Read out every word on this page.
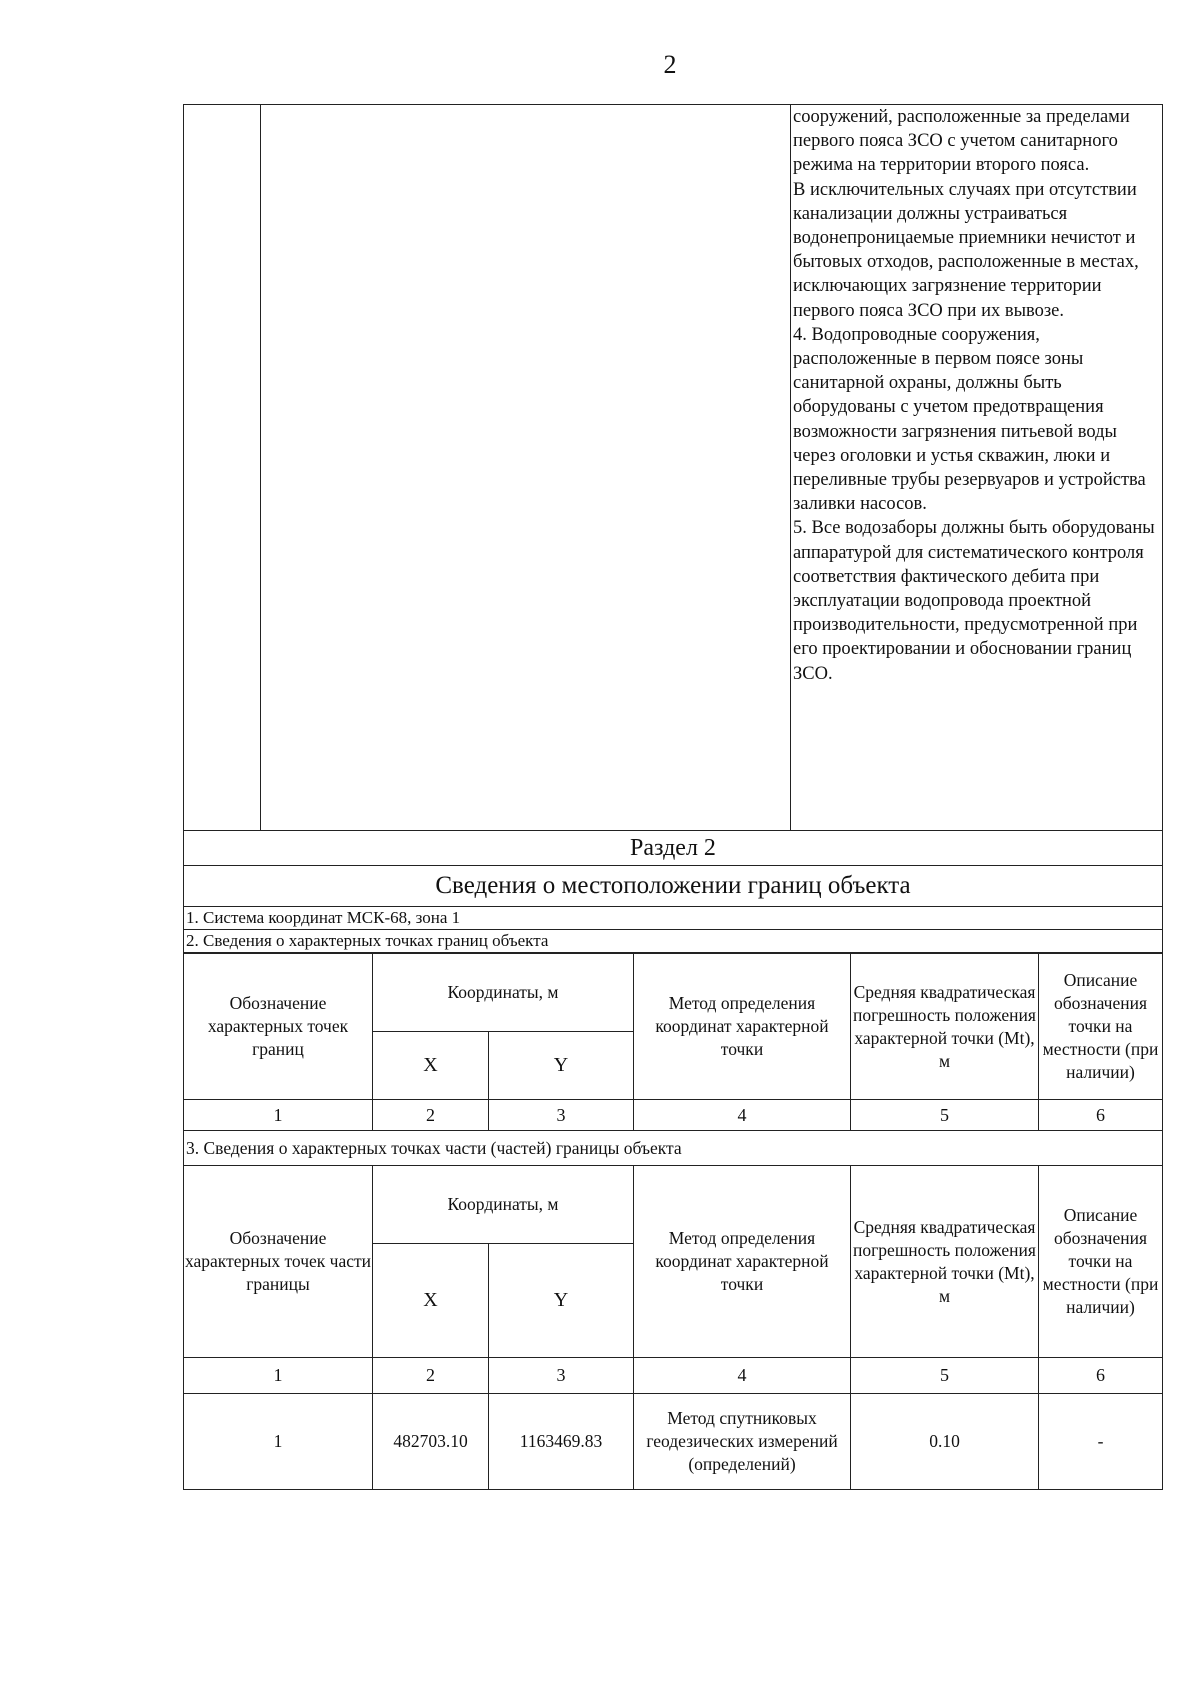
2

сооружений, расположенные за пределами первого пояса ЗСО с учетом санитарного режима на территории второго пояса.

В исключительных случаях при отсутствии канализации должны устраиваться водонепроницаемые приемники нечистот и бытовых отходов, расположенные в местах, исключающих загрязнение территории первого пояса ЗСО при их вывозе.

4. Водопроводные сооружения, расположенные в первом поясе зоны санитарной охраны, должны быть оборудованы с учетом предотвращения возможности загрязнения питьевой воды через оголовки и устья скважин, люки и переливные трубы резервуаров и устройства заливки насосов.

5. Все водозаборы должны быть оборудованы аппаратурой для систематического контроля соответствия фактического дебита при эксплуатации водопровода проектной производительности, предусмотренной при его проектировании и обосновании границ ЗСО.

Раздел 2
Сведения о местоположении границ объекта
1. Система координат МСК-68, зона 1
2. Сведения о характерных точках границ объекта
Обозначение характерных точек границ	Координаты, м		Метод определения координат характерной точки	Средняя квадратическая погрешность положения характерной точки (Mt), м	Описание обозначения точки на местности (при наличии)
	X	Y			
1	2	3	4	5	6
3. Сведения о характерных точках части (частей) границы объекта					
Обозначение характерных точек части границы	Координаты, м		Метод определения координат характерной точки	Средняя квадратическая погрешность положения характерной точки (Mt), м	Описание обозначения точки на местности (при наличии)
	X	Y			
1	2	3	4	5	6
1	482703.10	1163469.83	Метод спутниковых геодезических измерений (определений)	0.10	-
